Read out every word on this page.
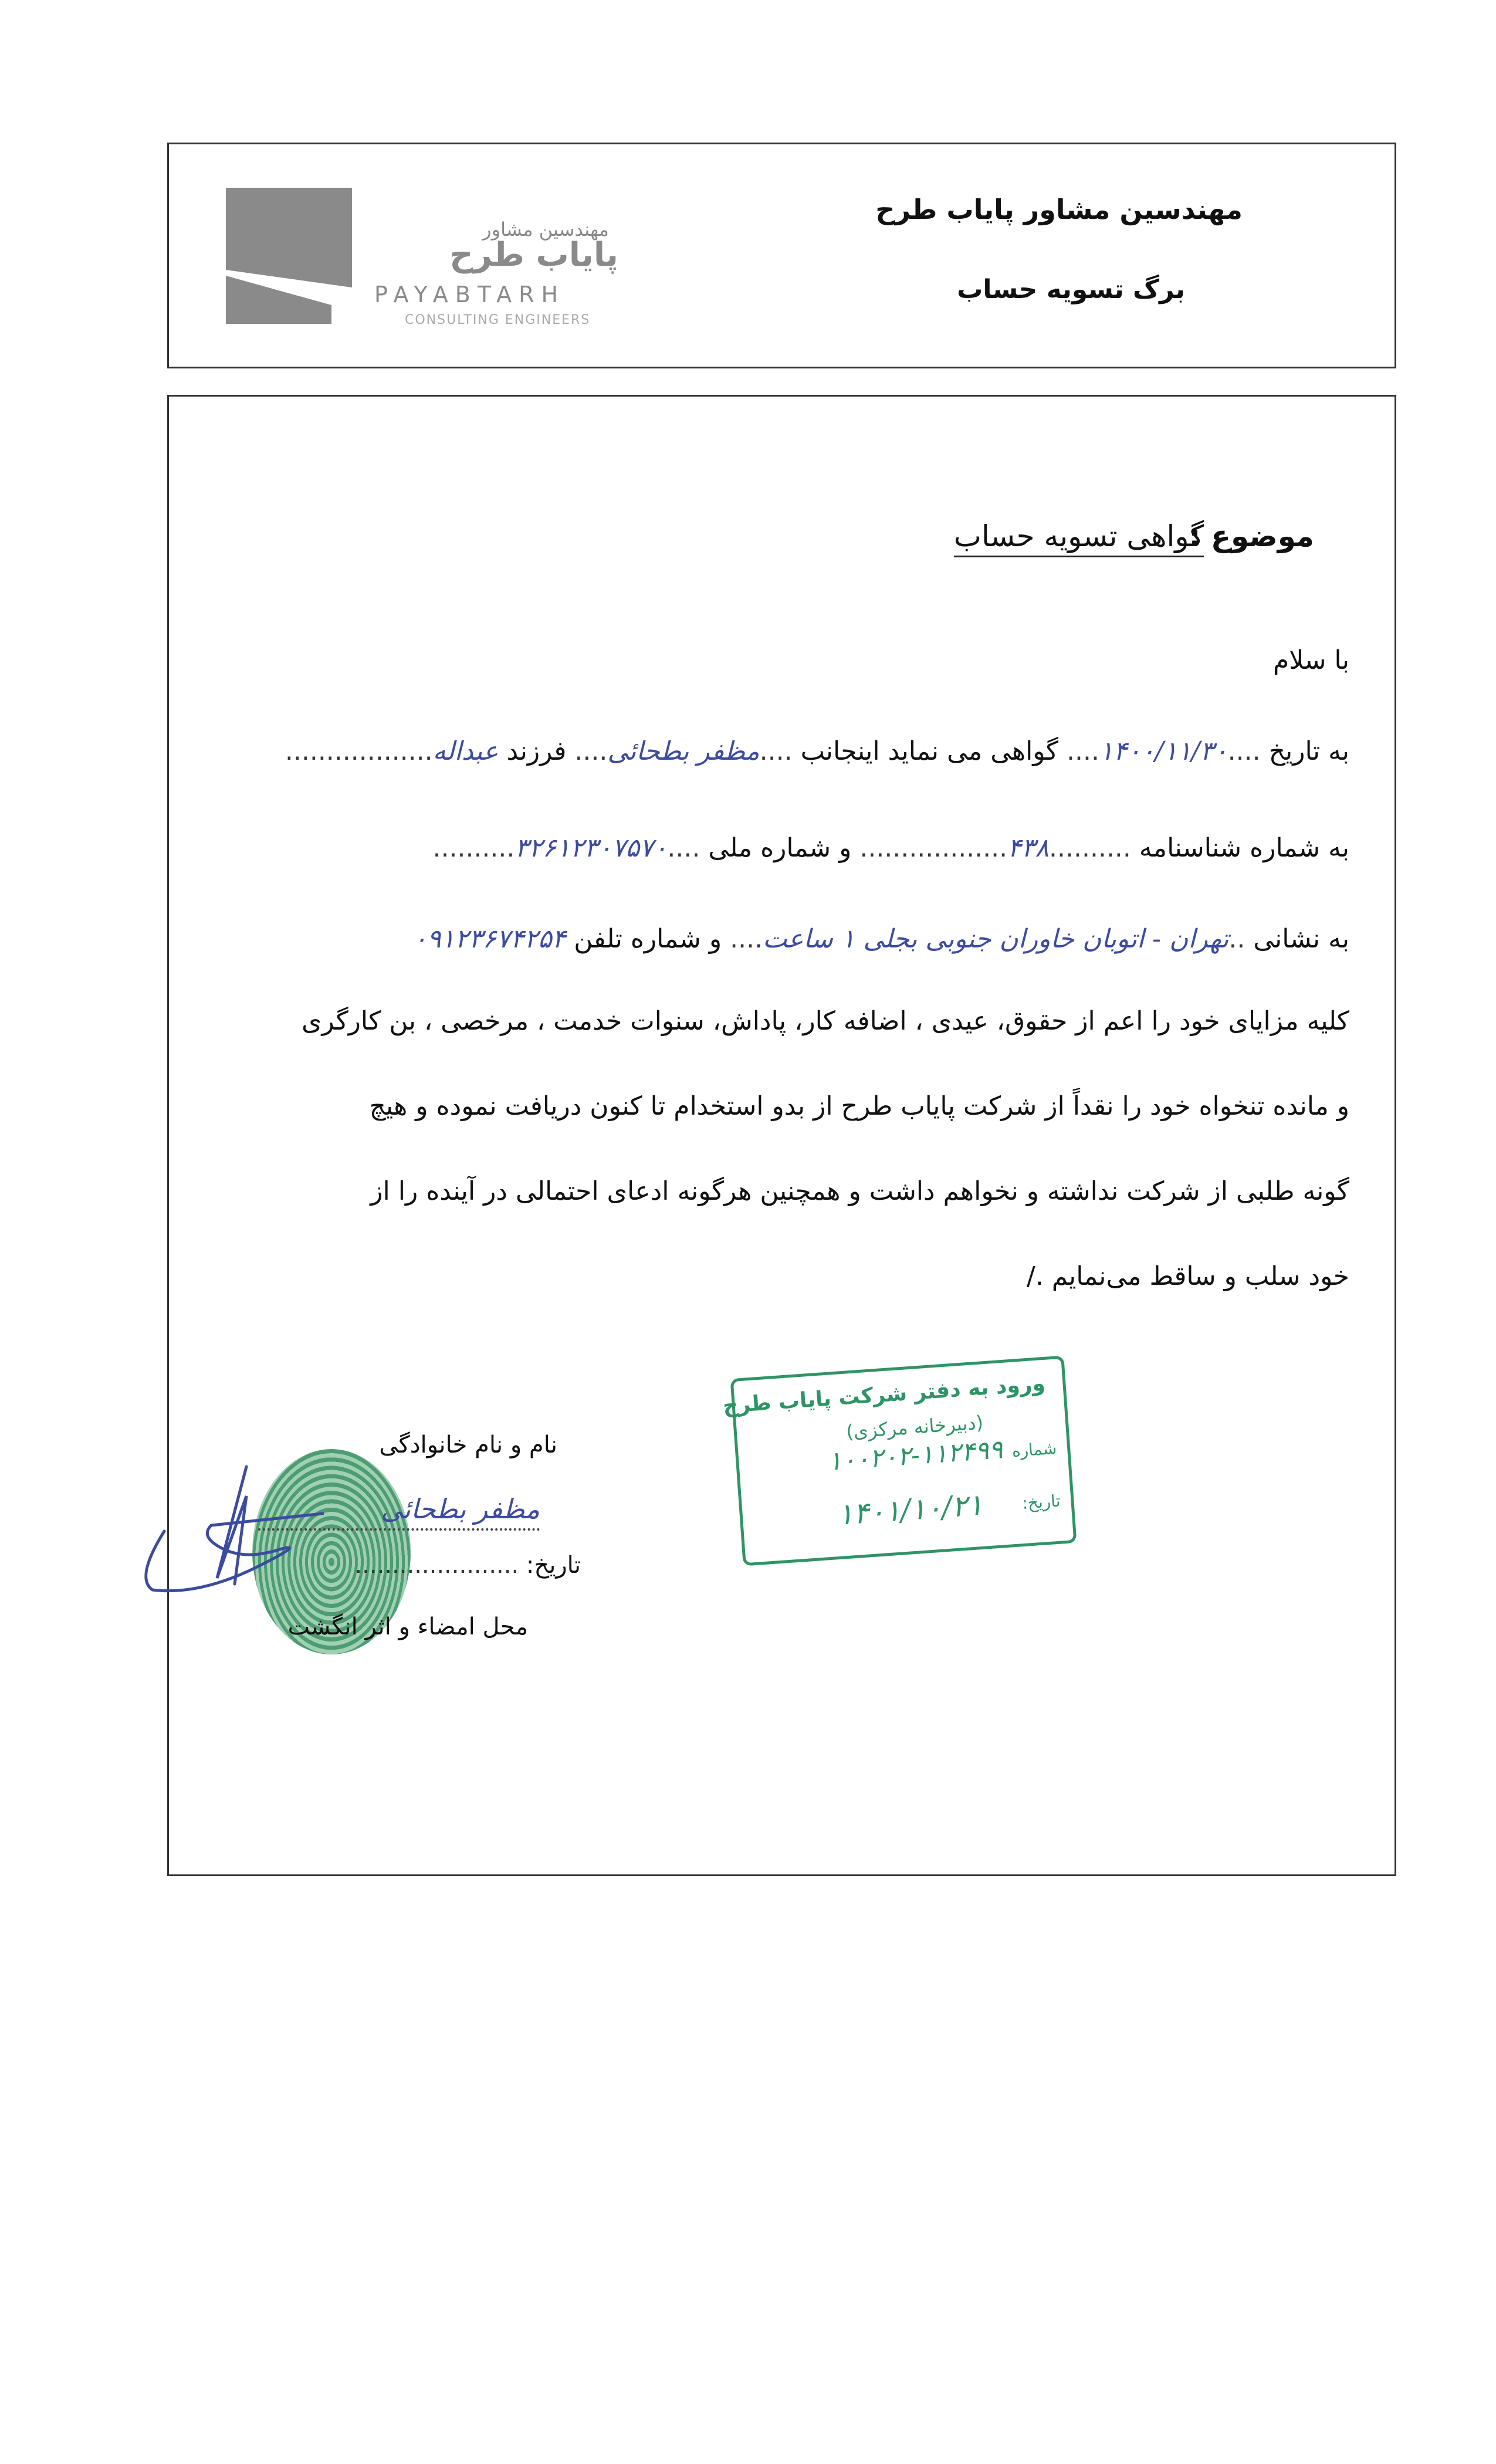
مهندسین مشاور
پایاب طرح
PAYABTARH
CONSULTING ENGINEERS
مهندسین مشاور پایاب طرح
برگ تسویه حساب
موضوع :
گواهی تسویه حساب
با سلام
به تاریخ ....۱۴۰۰/۱۱/۳۰.... گواهی می نماید اینجانب ....مظفر بطحائی.... فرزند عبداله..................
به شماره شناسنامه ..........۴۳۸.................. و شماره ملی ....۳۲۶۱۲۳۰۷۵۷۰..........
به نشانی ..تهران - اتوبان خاوران جنوبی بجلی ۱ ساعت.... و شماره تلفن ۰۹۱۲۳۶۷۴۲۵۴
کلیه مزایای خود را اعم از حقوق، عیدی ، اضافه کار، پاداش، سنوات خدمت ، مرخصی ، بن کارگری
و مانده تنخواه خود را نقداً از شرکت پایاب طرح از بدو استخدام تا کنون دریافت نموده و هیچ
گونه طلبی از شرکت نداشته و نخواهم داشت و همچنین هرگونه ادعای احتمالی در آینده را از
خود سلب و ساقط می‌نمایم ./
ورود به دفتر شرکت پایاب طرح
(دبیرخانه مرکزی)
شماره
۱۰۰۲۰۲-۱۱۲۴۹۹
تاریخ:
۱۴۰۱/۱۰/۲۱
نام و نام خانوادگی
مظفر بطحائی
تاریخ: ......................
محل امضاء و اثر انگشت
